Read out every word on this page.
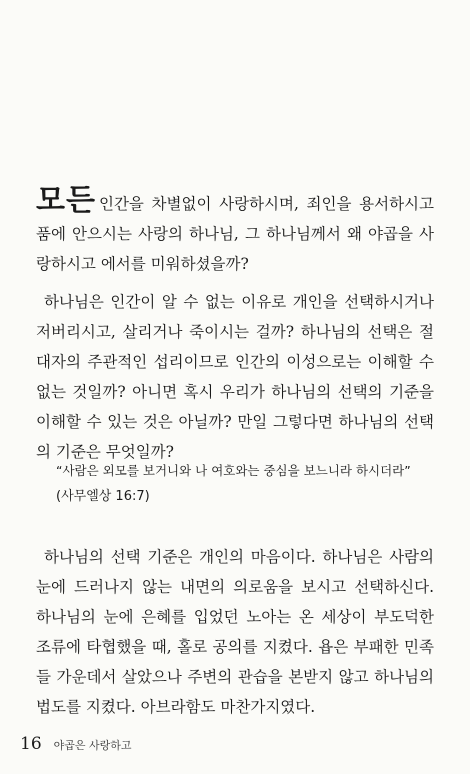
모든 인간을 차별없이 사랑하시며, 죄인을 용서하시고 품에 안으시는 사랑의 하나님, 그 하나님께서 왜 야곱을 사랑하시고 에서를 미워하셨을까?

하나님은 인간이 알 수 없는 이유로 개인을 선택하시거나 저버리시고, 살리거나 죽이시는 걸까? 하나님의 선택은 절대자의 주관적인 섭리이므로 인간의 이성으로는 이해할 수 없는 것일까? 아니면 혹시 우리가 하나님의 선택의 기준을 이해할 수 있는 것은 아닐까? 만일 그렇다면 하나님의 선택의 기준은 무엇일까?

“사람은 외모를 보거니와 나 여호와는 중심을 보느니라 하시더라”
(사무엘상 16:7)

하나님의 선택 기준은 개인의 마음이다. 하나님은 사람의 눈에 드러나지 않는 내면의 의로움을 보시고 선택하신다. 하나님의 눈에 은혜를 입었던 노아는 온 세상이 부도덕한 조류에 타협했을 때, 홀로 공의를 지켰다. 욥은 부패한 민족들 가운데서 살았으나 주변의 관습을 본받지 않고 하나님의 법도를 지켰다. 아브라함도 마찬가지였다.

16 야곱은 사랑하고
